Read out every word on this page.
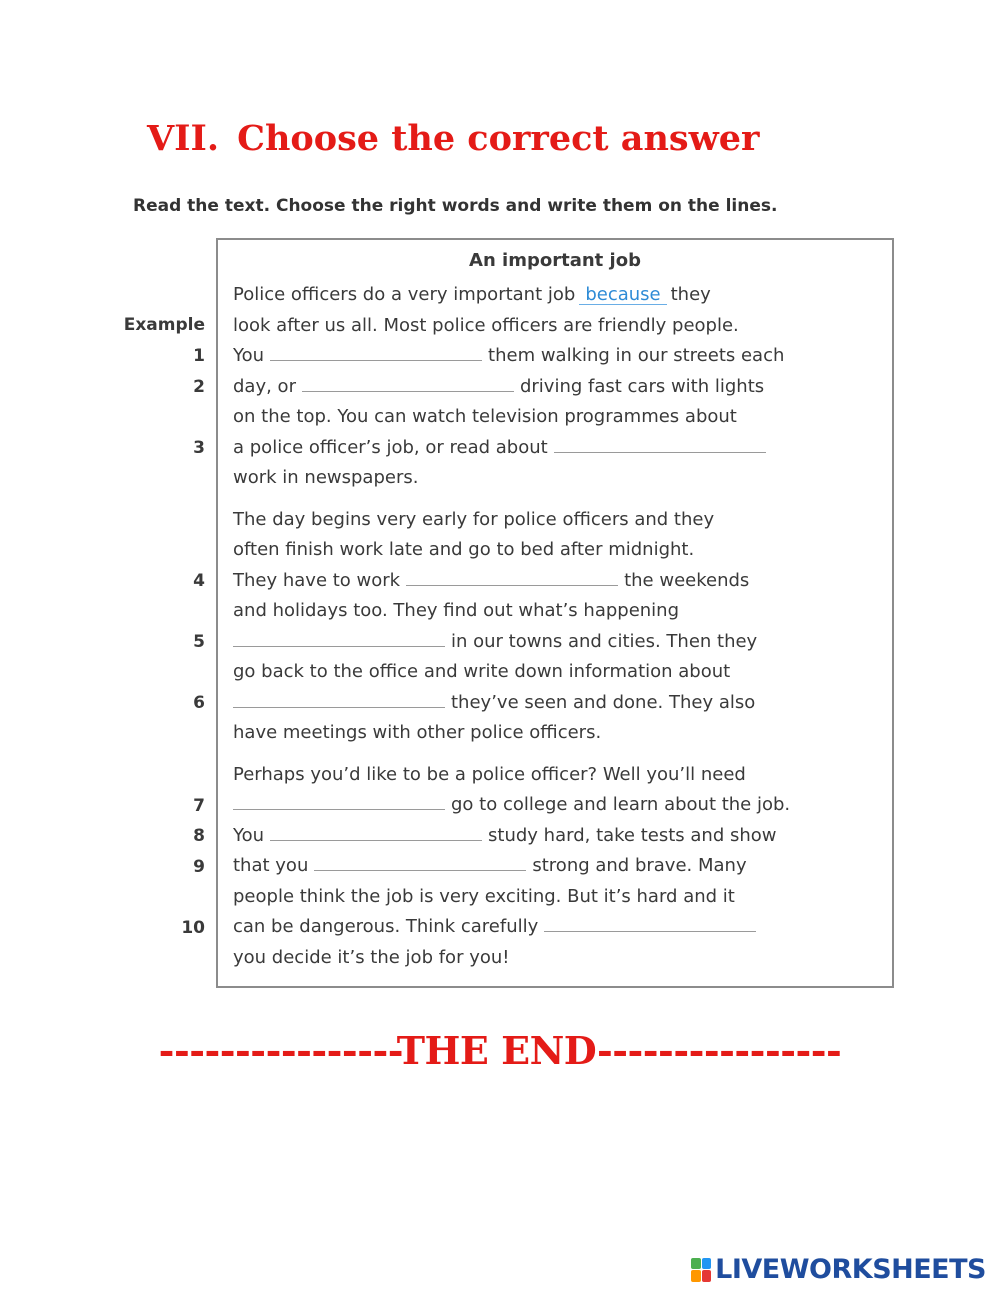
VII. Choose the correct answer
Read the text. Choose the right words and write them on the lines.
An important job
Example
1
2
3
4
5
6
7
8
9
10
Police officers do a very important job because they
look after us all. Most police officers are friendly people.
You	them walking in our streets each
day, or	driving fast cars with lights
on the top. You can watch television programmes about
a police officer’s job, or read about
work in newspapers.
The day begins very early for police officers and they
often finish work late and go to bed after midnight.
They have to work	the weekends
and holidays too. They find out what’s happening
in our towns and cities. Then they
go back to the office and write down information about
they’ve seen and done. They also
have meetings with other police officers.
Perhaps you’d like to be a police officer? Well you’ll need
go to college and learn about the job.
You	study hard, take tests and show
that you	strong and brave. Many
people think the job is very exciting. But it’s hard and it
can be dangerous. Think carefully
you decide it’s the job for you!
----------------THE END----------------
LIVEWORKSHEETS
